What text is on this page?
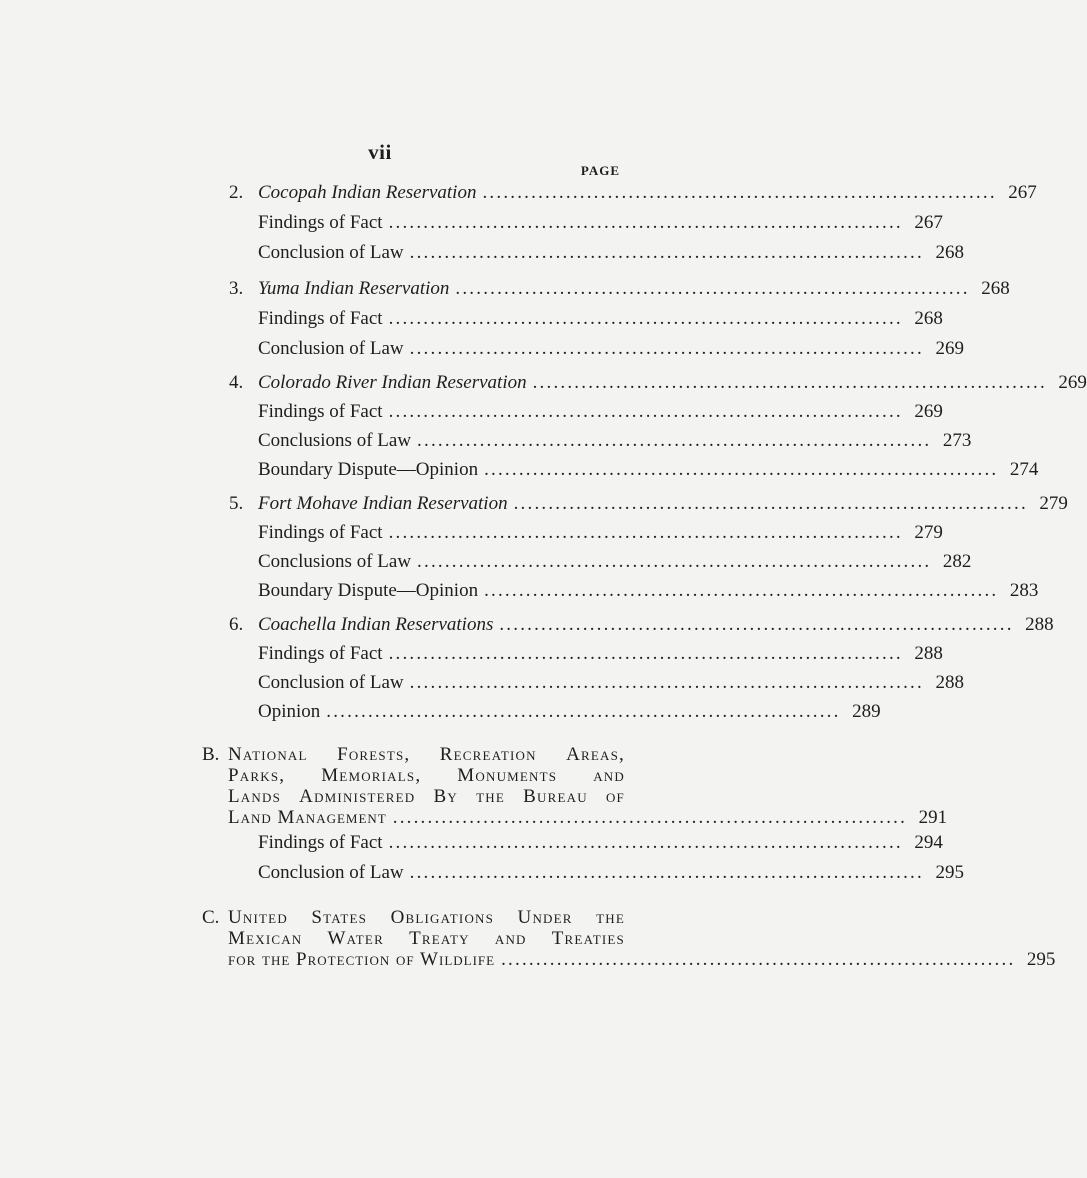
vii
PAGE
2. Cocopah Indian Reservation .......................................................................... 267
Findings of Fact .......................................................................... 267
Conclusion of Law .......................................................................... 268
3. Yuma Indian Reservation .......................................................................... 268
Findings of Fact .......................................................................... 268
Conclusion of Law .......................................................................... 269
4. Colorado River Indian Reservation .......................................................................... 269
Findings of Fact .......................................................................... 269
Conclusions of Law .......................................................................... 273
Boundary Dispute—Opinion .......................................................................... 274
5. Fort Mohave Indian Reservation .......................................................................... 279
Findings of Fact .......................................................................... 279
Conclusions of Law .......................................................................... 282
Boundary Dispute—Opinion .......................................................................... 283
6. Coachella Indian Reservations .......................................................................... 288
Findings of Fact .......................................................................... 288
Conclusion of Law .......................................................................... 288
Opinion .......................................................................... 289
B. National Forests, Recreation Areas,
Parks, Memorials, Monuments and
Lands Administered By the Bureau of
Land Management .......................................................................... 291
Findings of Fact .......................................................................... 294
Conclusion of Law .......................................................................... 295
C. United States Obligations Under the
Mexican Water Treaty and Treaties
for the Protection of Wildlife .......................................................................... 295
